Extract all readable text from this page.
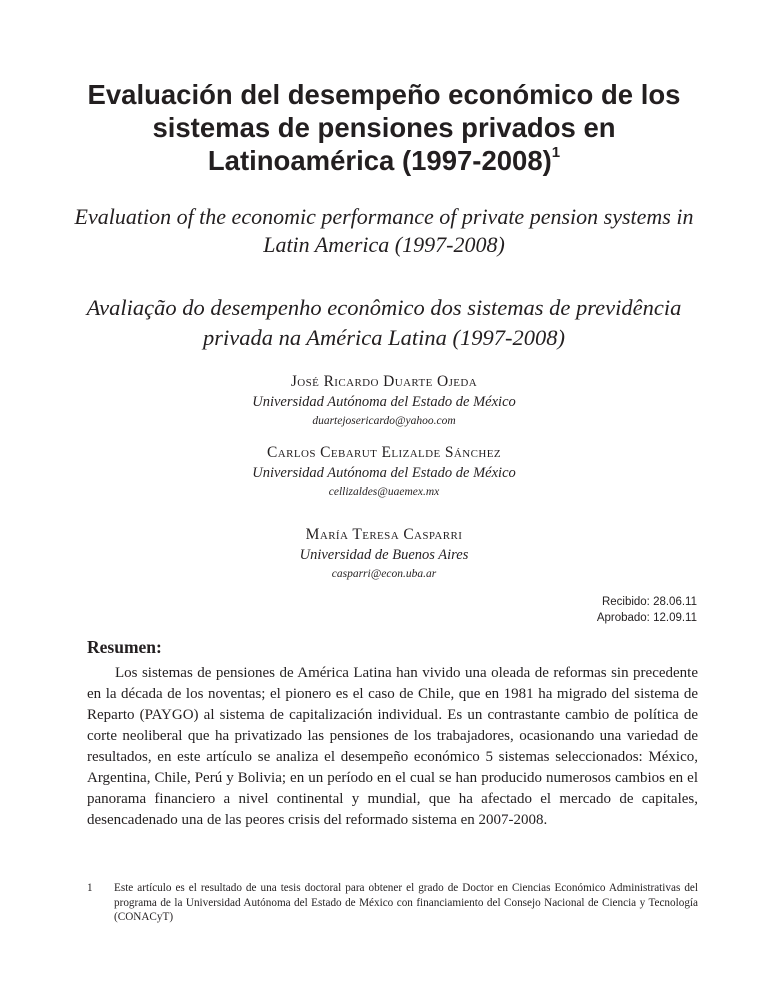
Evaluación del desempeño económico de los sistemas de pensiones privados en Latinoamérica (1997-2008)$^1$
Evaluation of the economic performance of private pension systems in Latin America (1997-2008)
Avaliação do desempenho econômico dos sistemas de previdência privada na América Latina (1997-2008)
José Ricardo Duarte Ojeda
Universidad Autónoma del Estado de México
duartejosericardo@yahoo.com
Carlos Cebarut Elizalde Sánchez
Universidad Autónoma del Estado de México
cellizaldes@uaemex.mx
María Teresa Casparri
Universidad de Buenos Aires
casparri@econ.uba.ar
Recibido: 28.06.11
Aprobado: 12.09.11
Resumen:

Los sistemas de pensiones de América Latina han vivido una oleada de reformas sin precedente en la década de los noventas; el pionero es el caso de Chile, que en 1981 ha migrado del sistema de Reparto (PAYGO) al sistema de capitalización individual. Es un contrastante cambio de política de corte neoliberal que ha privatizado las pensiones de los trabajadores, ocasionando una variedad de resultados, en este artículo se analiza el desempeño económico 5 sistemas seleccionados: México, Argentina, Chile, Perú y Bolivia; en un período en el cual se han producido numerosos cambios en el panorama financiero a nivel continental y mundial, que ha afectado el mercado de capitales, desencadenado una de las peores crisis del reformado sistema en 2007-2008.

1	Este artículo es el resultado de una tesis doctoral para obtener el grado de Doctor en Ciencias Económico Administrativas del programa de la Universidad Autónoma del Estado de México con financiamiento del Consejo Nacional de Ciencia y Tecnología (CONACyT)
